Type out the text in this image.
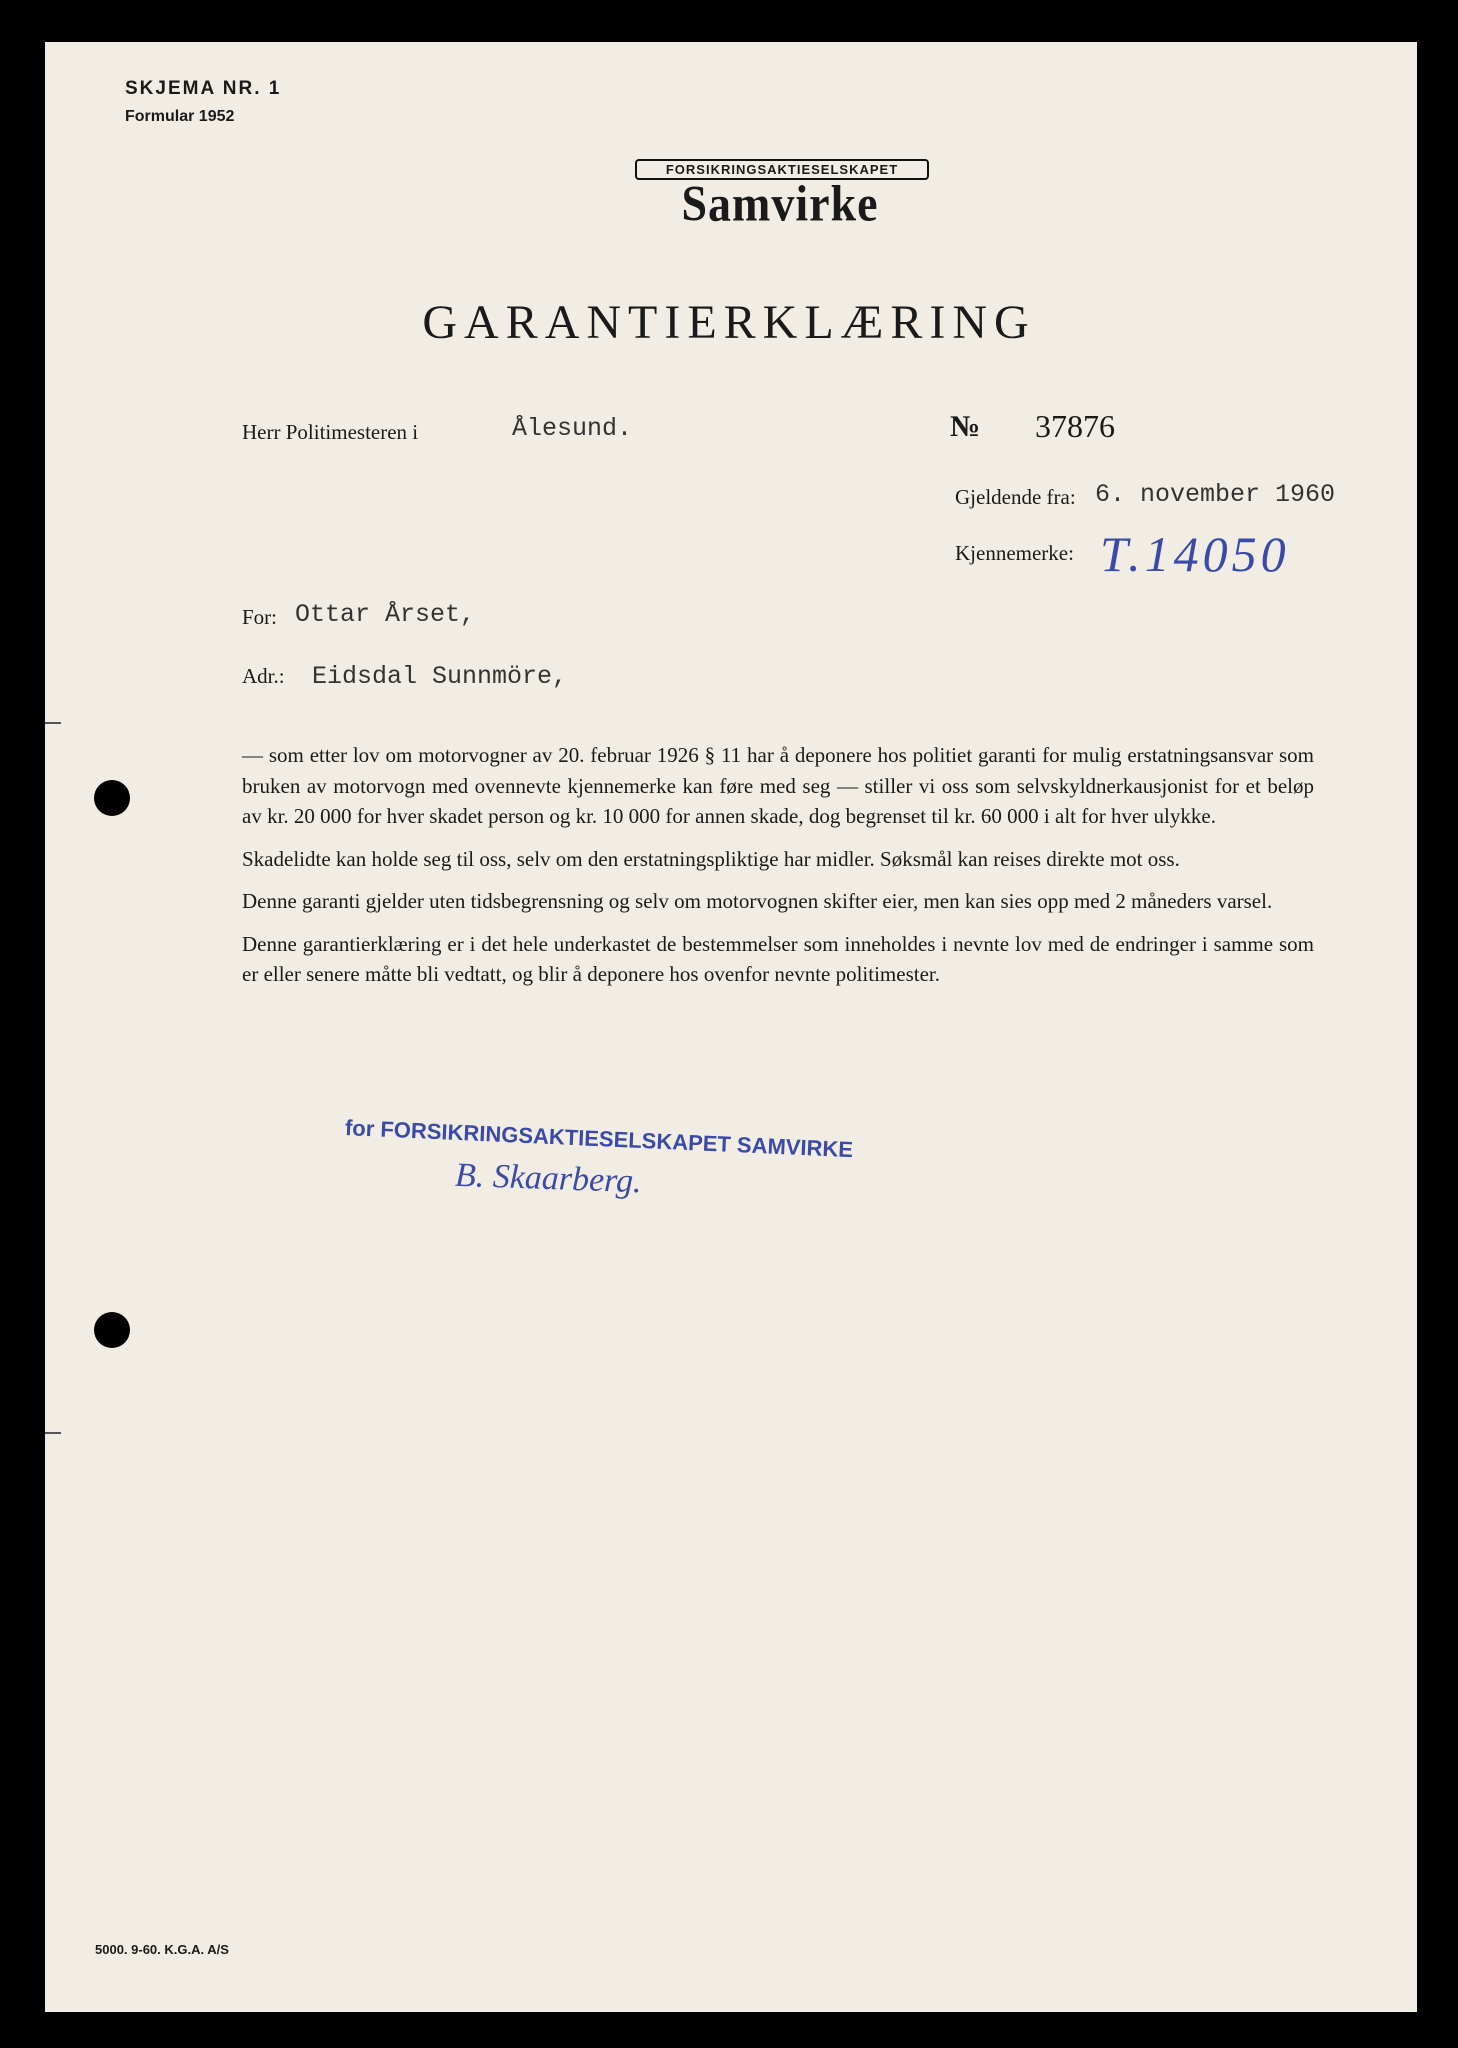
SKJEMA NR. 1
Formular 1952
FORSIKRINGSAKTIESELSKAPET
Samvirke
GARANTIERKLÆRING
Herr Politimesteren i	Ålesund.	№ 37876
Gjeldende fra: 6. november 1960
Kjennemerke: T.14050
For: Ottar Årset,
Adr.: Eidsdal Sunnmöre,

— som etter lov om motorvogner av 20. februar 1926 § 11 har å deponere hos politiet garanti for mulig erstatningsansvar som bruken av motorvogn med ovennevte kjennemerke kan føre med seg — stiller vi oss som selvskyldnerkausjonist for et beløp av kr. 20 000 for hver skadet person og kr. 10 000 for annen skade, dog begrenset til kr. 60 000 i alt for hver ulykke.

Skadelidte kan holde seg til oss, selv om den erstatningspliktige har midler. Søksmål kan reises direkte mot oss.

Denne garanti gjelder uten tidsbegrensning og selv om motorvognen skifter eier, men kan sies opp med 2 måneders varsel.

Denne garantierklæring er i det hele underkastet de bestemmelser som inneholdes i nevnte lov med de endringer i samme som er eller senere måtte bli vedtatt, og blir å deponere hos ovenfor nevnte politimester.

for FORSIKRINGSAKTIESELSKAPET SAMVIRKE
B. Skaarberg.
5000. 9-60. K.G.A. A/S
